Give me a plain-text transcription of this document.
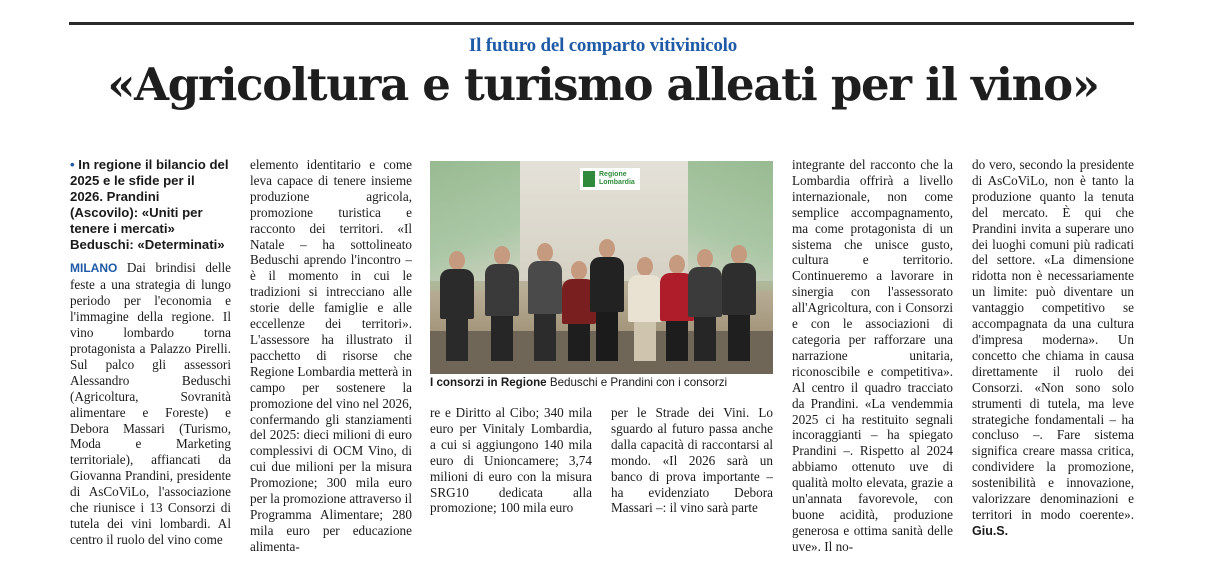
Il futuro del comparto vitivinicolo
«Agricoltura e turismo alleati per il vino»
• In regione il bilancio del 2025 e le sfide per il 2026. Prandini (Ascovilo): «Uniti per tenere i mercati» Beduschi: «Determinati»

MILANO Dai brindisi delle feste a una strategia di lungo periodo per l'economia e l'immagine della regione. Il vino lombardo torna protagonista a Palazzo Pirelli. Sul palco gli assessori Alessandro Beduschi (Agricoltura, Sovranità alimentare e Foreste) e Debora Massari (Turismo, Moda e Marketing territoriale), affiancati da Giovanna Prandini, presidente di AsCoViLo, l'associazione che riunisce i 13 Consorzi di tutela dei vini lombardi. Al centro il ruolo del vino come

elemento identitario e come leva capace di tenere insieme produzione agricola, promozione turistica e racconto dei territori. «Il Natale – ha sottolineato Beduschi aprendo l'incontro – è il momento in cui le tradizioni si intrecciano alle storie delle famiglie e alle eccellenze dei territori». L'assessore ha illustrato il pacchetto di risorse che Regione Lombardia metterà in campo per sostenere la promozione del vino nel 2026, confermando gli stanziamenti del 2025: dieci milioni di euro complessivi di OCM Vino, di cui due milioni per la misura Promozione; 300 mila euro per la promozione attraverso il Programma Alimentare; 280 mila euro per educazione alimenta-

Regione Lombardia
I consorzi in Regione Beduschi e Prandini con i consorzi

re e Diritto al Cibo; 340 mila euro per Vinitaly Lombardia, a cui si aggiungono 140 mila euro di Unioncamere; 3,74 milioni di euro con la misura SRG10 dedicata alla promozione; 100 mila euro

per le Strade dei Vini. Lo sguardo al futuro passa anche dalla capacità di raccontarsi al mondo. «Il 2026 sarà un banco di prova importante – ha evidenziato Debora Massari –: il vino sarà parte

integrante del racconto che la Lombardia offrirà a livello internazionale, non come semplice accompagnamento, ma come protagonista di un sistema che unisce gusto, cultura e territorio. Continueremo a lavorare in sinergia con l'assessorato all'Agricoltura, con i Consorzi e con le associazioni di categoria per rafforzare una narrazione unitaria, riconoscibile e competitiva». Al centro il quadro tracciato da Prandini. «La vendemmia 2025 ci ha restituito segnali incoraggianti – ha spiegato Prandini –. Rispetto al 2024 abbiamo ottenuto uve di qualità molto elevata, grazie a un'annata favorevole, con buone acidità, produzione generosa e ottima sanità delle uve». Il no-

do vero, secondo la presidente di AsCoViLo, non è tanto la produzione quanto la tenuta del mercato. È qui che Prandini invita a superare uno dei luoghi comuni più radicati del settore. «La dimensione ridotta non è necessariamente un limite: può diventare un vantaggio competitivo se accompagnata da una cultura d'impresa moderna». Un concetto che chiama in causa direttamente il ruolo dei Consorzi. «Non sono solo strumenti di tutela, ma leve strategiche fondamentali – ha concluso –. Fare sistema significa creare massa critica, condividere la promozione, sostenibilità e innovazione, valorizzare denominazioni e territori in modo coerente». Giu.S.
